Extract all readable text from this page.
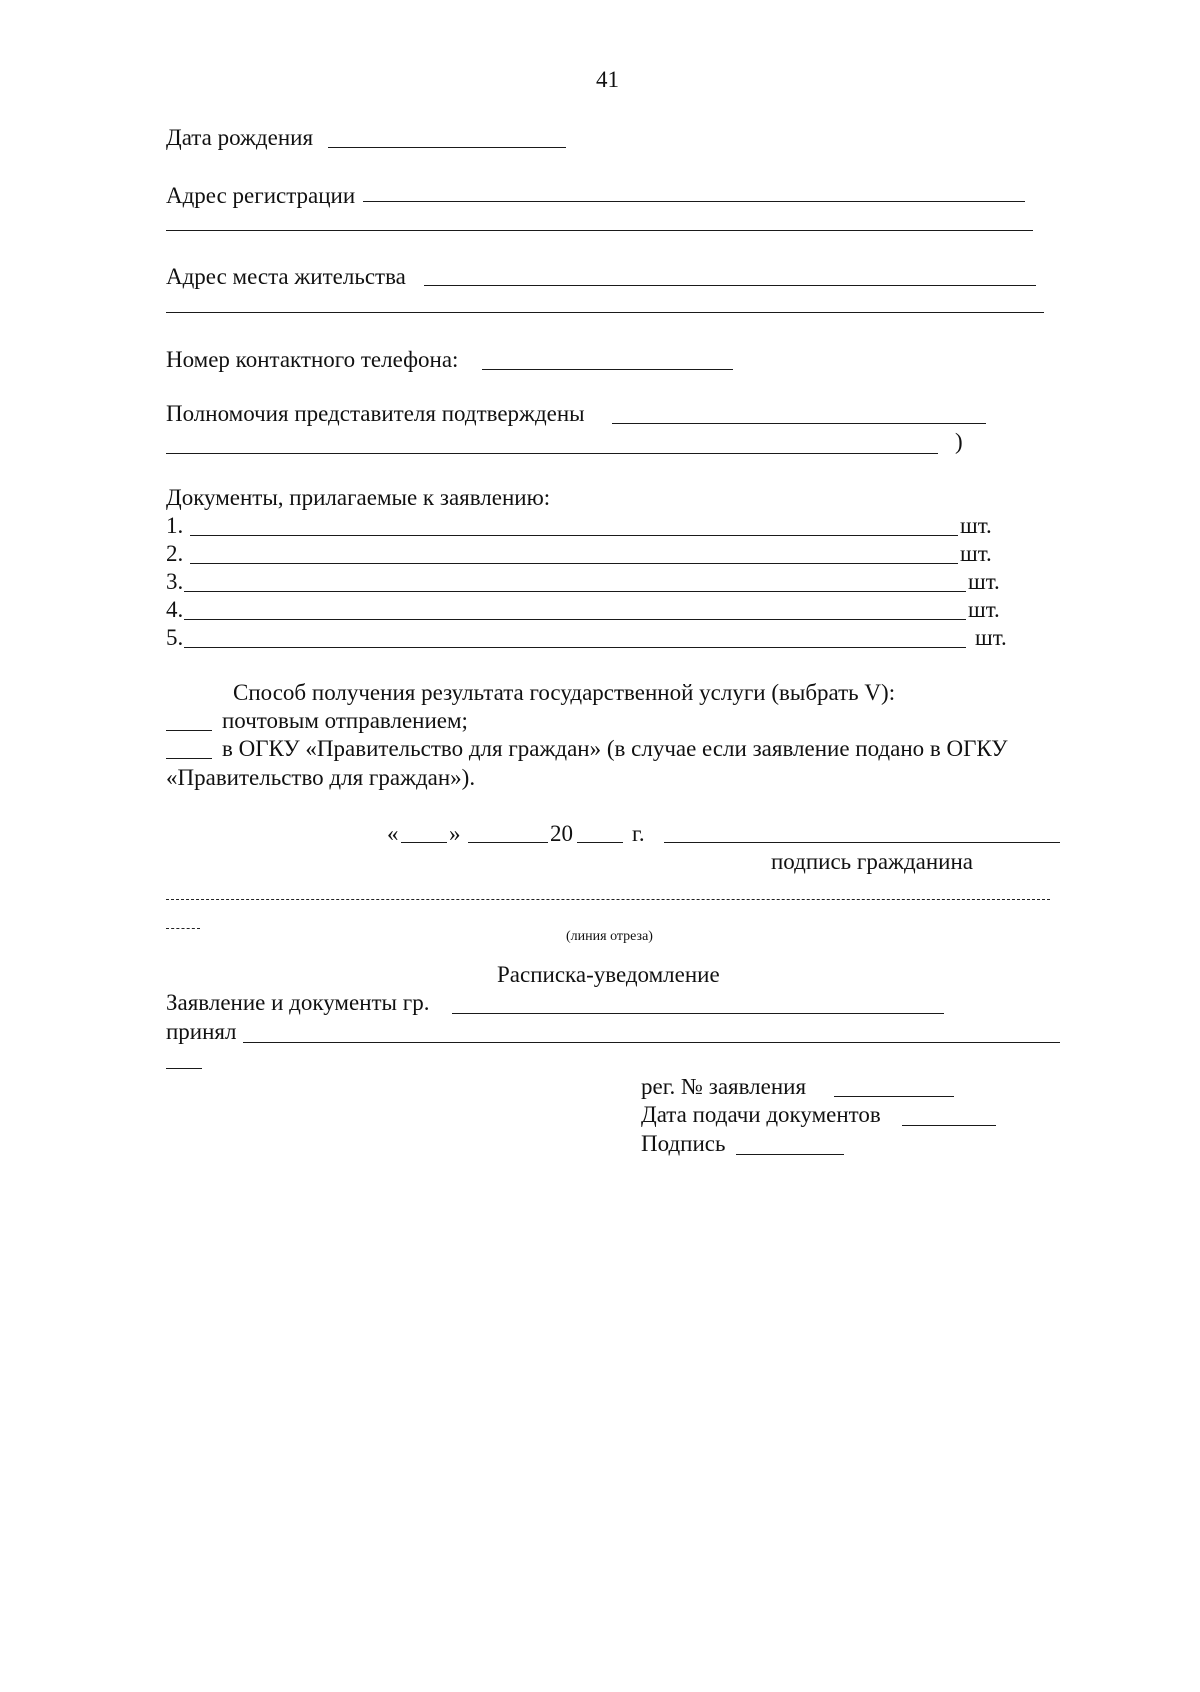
41
Дата рождения
Адрес регистрации
Адрес места жительства
Номер контактного телефона:
Полномочия представителя подтверждены
)
Документы, прилагаемые к заявлению:
1.	шт.
2.	шт.
3.	шт.
4.	шт.
5.	шт.
Способ получения результата государственной услуги (выбрать V):
почтовым отправлением;
в ОГКУ «Правительство для граждан» (в случае если заявление подано в ОГКУ
«Правительство для граждан»).
« »	20	г.
подпись гражданина
(линия отреза)
Расписка-уведомление
Заявление и документы гр.
принял
рег. № заявления
Дата подачи документов
Подпись
